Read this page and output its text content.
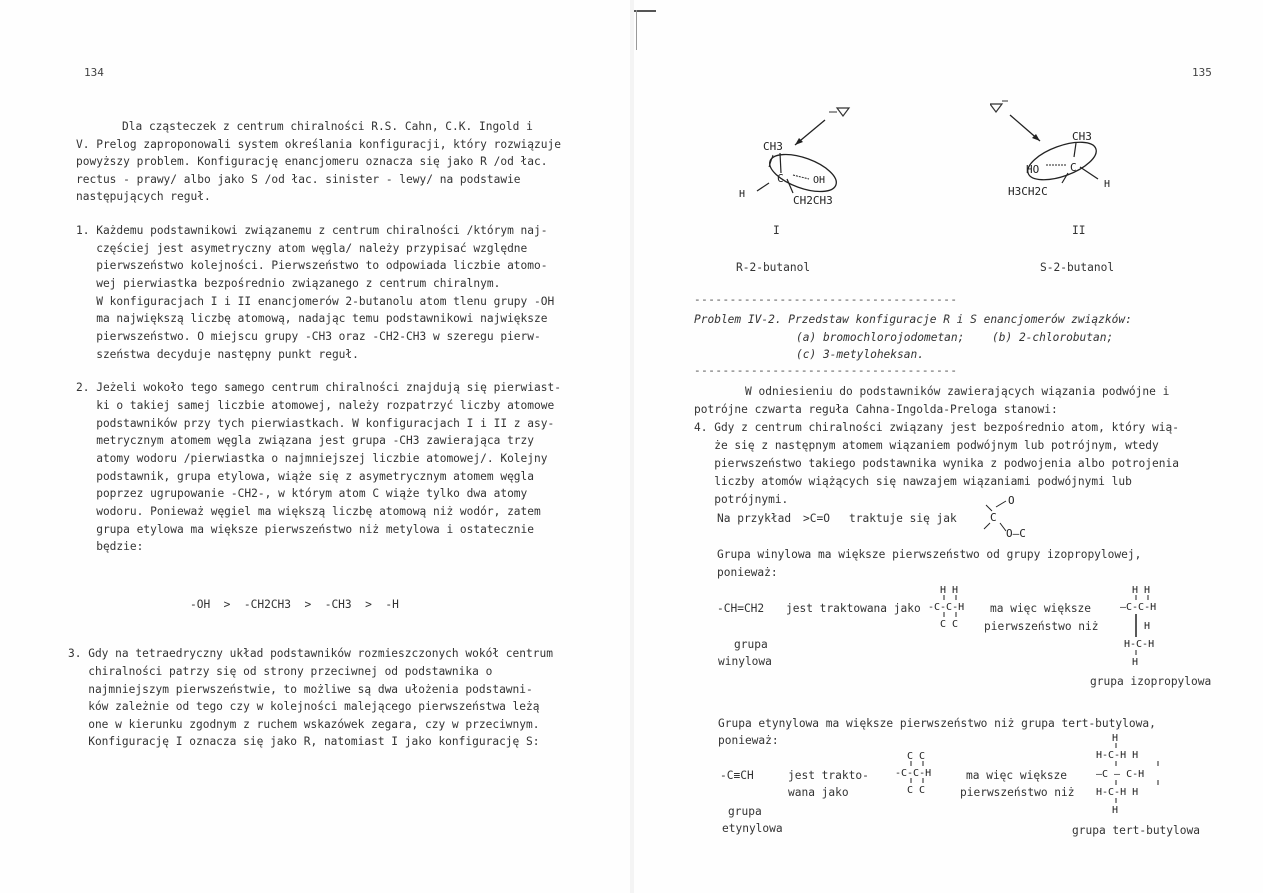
134
Dla cząsteczek z centrum chiralności R.S. Cahn, C.K. Ingold i
V. Prelog zaproponowali system określania konfiguracji, który rozwiązuje
powyższy problem. Konfigurację enancjomeru oznacza się jako R /od łac.
rectus - prawy/ albo jako S /od łac. sinister - lewy/ na podstawie
następujących reguł.
1. Każdemu podstawnikowi związanemu z centrum chiralności /którym naj-
częściej jest asymetryczny atom węgla/ należy przypisać względne
pierwszeństwo kolejności. Pierwszeństwo to odpowiada liczbie atomo-
wej pierwiastka bezpośrednio związanego z centrum chiralnym.
W konfiguracjach I i II enancjomerów 2-butanolu atom tlenu grupy -OH
ma największą liczbę atomową, nadając temu podstawnikowi największe
pierwszeństwo. O miejscu grupy -CH3 oraz -CH2-CH3 w szeregu pierw-
szeństwa decyduje następny punkt reguł.
2. Jeżeli wokoło tego samego centrum chiralności znajdują się pierwiast-
ki o takiej samej liczbie atomowej, należy rozpatrzyć liczby atomowe
podstawników przy tych pierwiastkach. W konfiguracjach I i II z asy-
metrycznym atomem węgla związana jest grupa -CH3 zawierająca trzy
atomy wodoru /pierwiastka o najmniejszej liczbie atomowej/. Kolejny
podstawnik, grupa etylowa, wiąże się z asymetrycznym atomem węgla
poprzez ugrupowanie -CH2-, w którym atom C wiąże tylko dwa atomy
wodoru. Ponieważ węgiel ma większą liczbę atomową niż wodór, zatem
grupa etylowa ma większe pierwszeństwo niż metylowa i ostatecznie
będzie:
-OH  >  -CH2CH3  >  -CH3  >  -H
3. Gdy na tetraedryczny układ podstawników rozmieszczonych wokół centrum
chiralności patrzy się od strony przeciwnej od podstawnika o
najmniejszym pierwszeństwie, to możliwe są dwa ułożenia podstawni-
ków zależnie od tego czy w kolejności malejącego pierwszeństwa leżą
one w kierunku zgodnym z ruchem wskazówek zegara, czy w przeciwnym.
Konfigurację I oznacza się jako R, natomiast I jako konfigurację S:
135
CH3
C	OH
H	CH2CH3
CH3
HO	C
H
H3CH2C
I	II
R-2-butanol	S-2-butanol
-------------------------------------
Problem IV-2. Przedstaw konfiguracje R i S enancjomerów związków:
(a) bromochlorojodometan; (b) 2-chlorobutan;
(c) 3-metyloheksan.
-------------------------------------
W odniesieniu do podstawników zawierających wiązania podwójne i
potrójne czwarta reguła Cahna-Ingolda-Preloga stanowi:
4. Gdy z centrum chiralności związany jest bezpośrednio atom, który wią-
że się z następnym atomem wiązaniem podwójnym lub potrójnym, wtedy
pierwszeństwo takiego podstawnika wynika z podwojenia albo potrojenia
liczby atomów wiążących się nawzajem wiązaniami podwójnymi lub
potrójnymi.
Na przykład >C=O traktuje się jak
O
C
O—C
Grupa winylowa ma większe pierwszeństwo od grupy izopropylowej,
ponieważ:
-CH=CH2 jest traktowana jako
H H
-C-C-H
C C
ma więc większe
pierwszeństwo niż
H H
—C-C-H
H
H-C-H
H
grupa
winylowa
grupa izopropylowa
Grupa etynylowa ma większe pierwszeństwo niż grupa tert-butylowa,
ponieważ:
-C≡CH	jest trakto-
wana jako
C C
-C-C-H
C C
ma więc większe
pierwszeństwo niż
H
H-C-H H
—C — C-H
H-C-H H
H
grupa
etynylowa	grupa tert-butylowa
